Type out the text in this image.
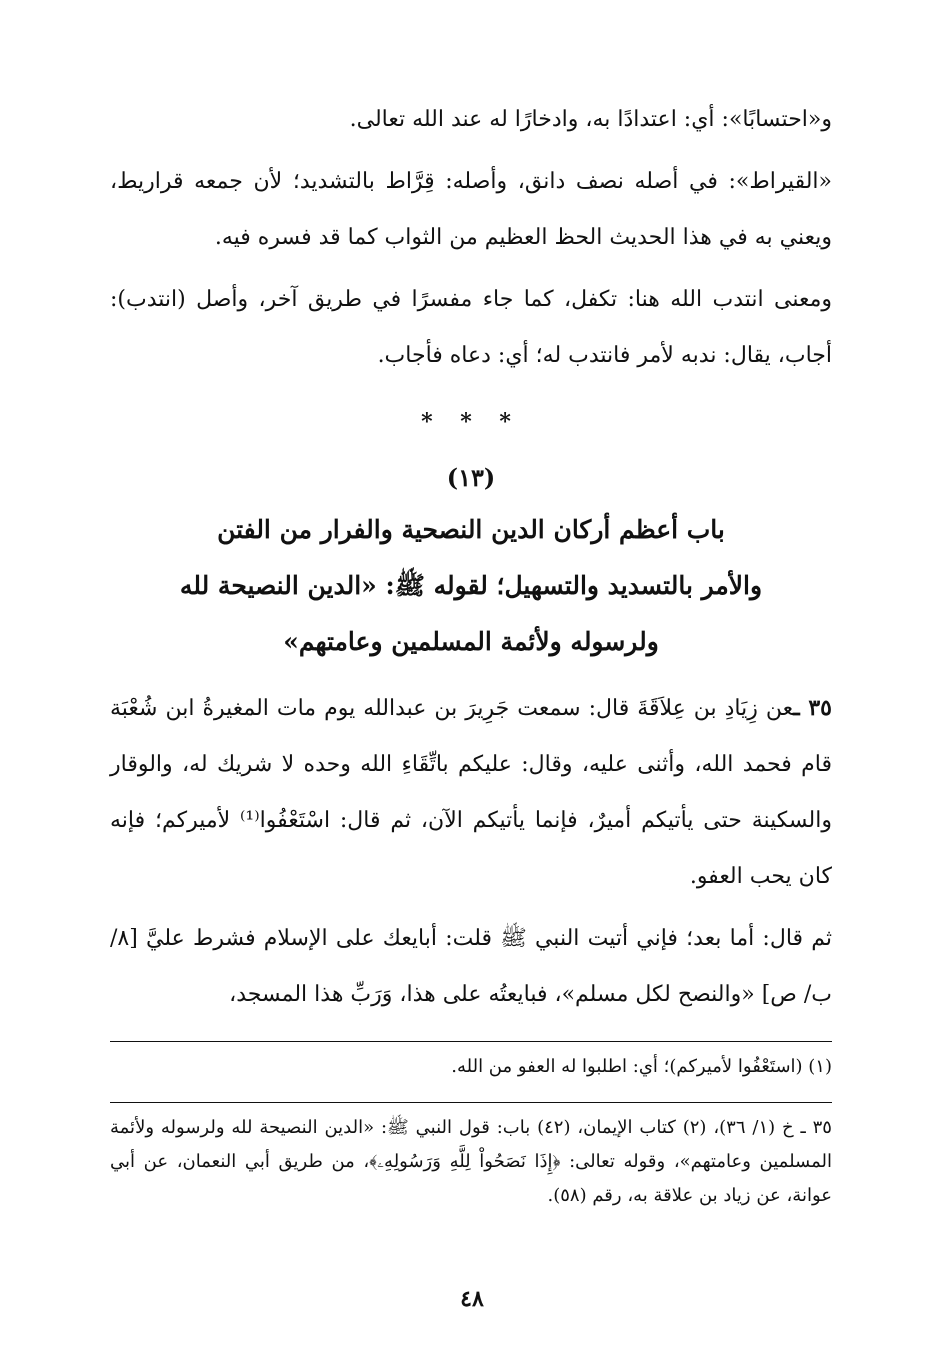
و«احتسابًا»: أي: اعتدادًا به، وادخارًا له عند الله تعالى.

«القيراط»: في أصله نصف دانق، وأصله: قِرَّاط بالتشديد؛ لأن جمعه قراريط، ويعني به في هذا الحديث الحظ العظيم من الثواب كما قد فسره فيه.

ومعنى انتدب الله هنا: تكفل، كما جاء مفسرًا في طريق آخر، وأصل (انتدب): أجاب، يقال: ندبه لأمر فانتدب له؛ أي: دعاه فأجاب.

* * *
(١٣)
باب أعظم أركان الدين النصحية والفرار من الفتن
والأمر بالتسديد والتسهيل؛ لقوله ﷺ: «الدين النصيحة لله
ولرسوله ولأئمة المسلمين وعامتهم»

٣٥ ـعن زِيَادِ بن عِلاَقَةَ قال: سمعت جَرِيرَ بن عبدالله يوم مات المغيرةُ ابن شُعْبَة قام فحمد الله، وأثنى عليه، وقال: عليكم باتِّقَاءِ الله وحده لا شريك له، والوقار والسكينة حتى يأتيكم أميرٌ، فإنما يأتيكم الآن، ثم قال: اسْتَعْفُوا⁽¹⁾ لأميركم؛ فإنه كان يحب العفو.

ثم قال: أما بعد؛ فإني أتيت النبي ﷺ قلت: أبايعك على الإسلام فشرط عليَّ [٨/ ب/ ص] «والنصح لكل مسلم»، فبايعتُه على هذا، وَرَبِّ هذا المسجد،

(١) (استَعْفُوا لأميركم)؛ أي: اطلبوا له العفو من الله.

٣٥ ـ خ (١/ ٣٦)، (٢) كتاب الإيمان، (٤٢) باب: قول النبي ﷺ: «الدين النصيحة لله ولرسوله ولأئمة المسلمين وعامتهم»، وقوله تعالى: ﴿إِذَا نَصَحُواْ لِلَّهِ وَرَسُولِهِۦ﴾، من طريق أبي النعمان، عن أبي عوانة، عن زياد بن علاقة به، رقم (٥٨).

٤٨
